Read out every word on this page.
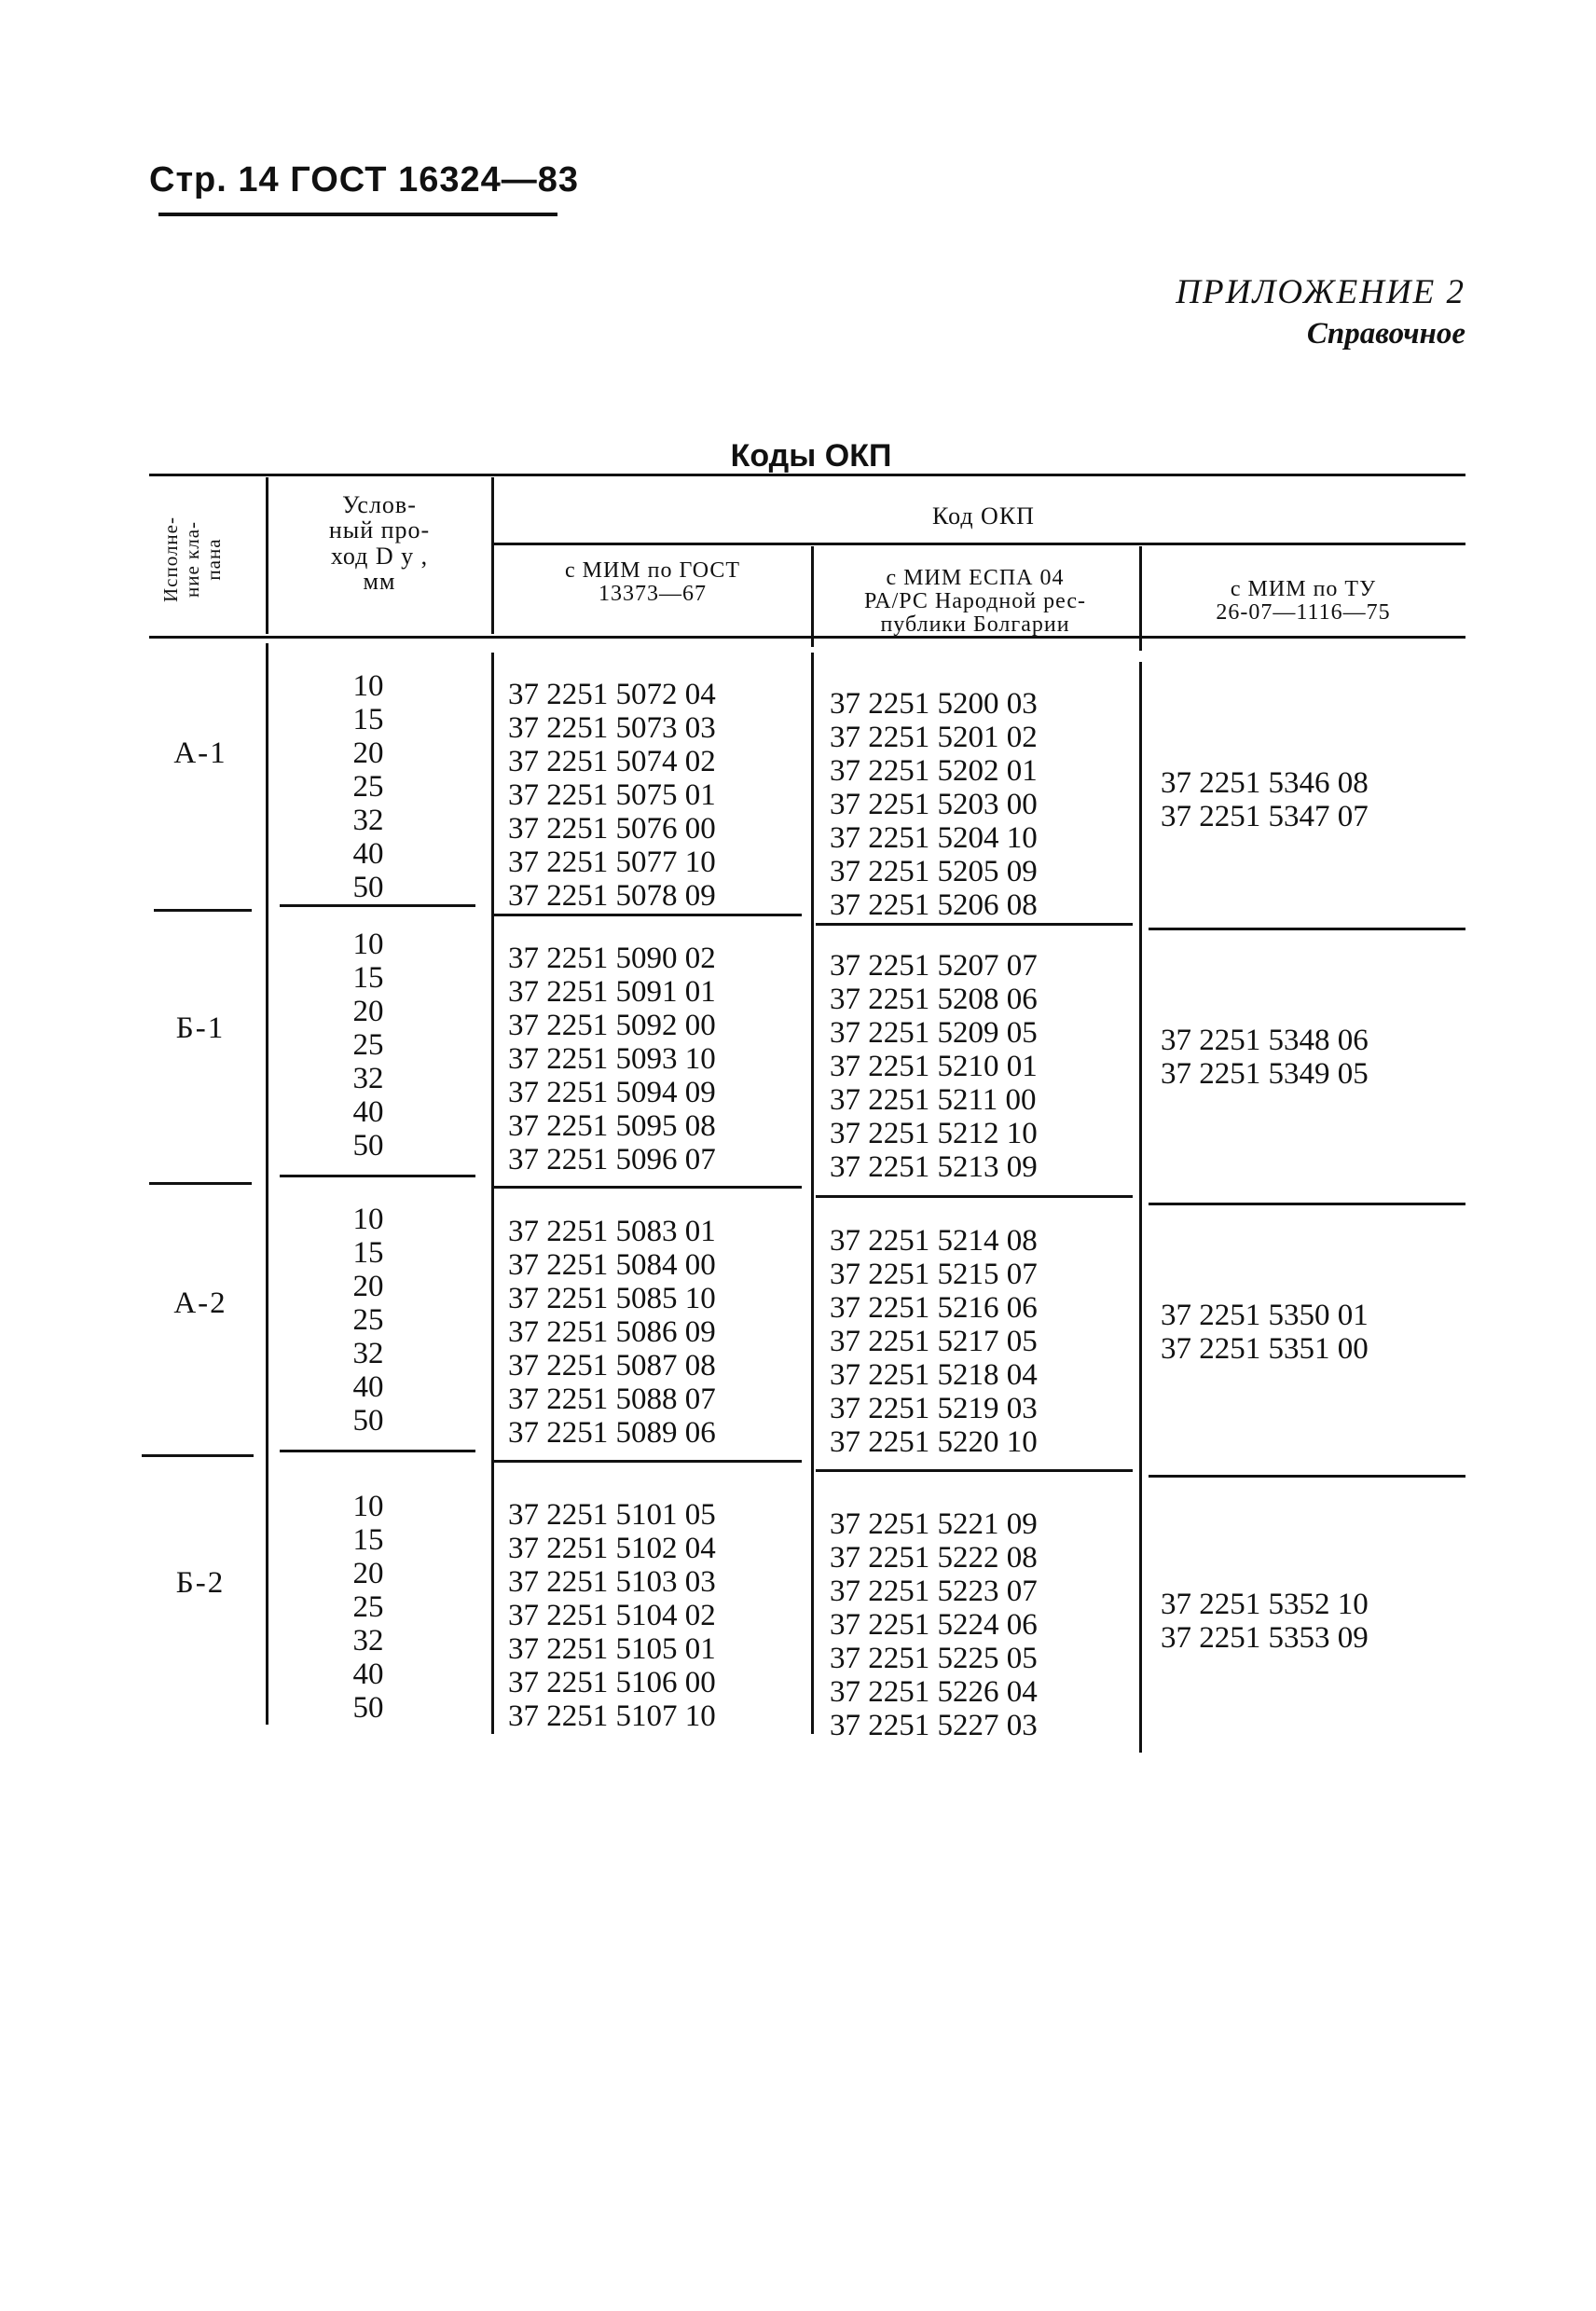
Стр. 14 ГОСТ 16324—83
ПРИЛОЖЕНИЕ 2
Справочное
Коды ОКП
Исполне-
ние кла-
пана
Услов-
ный про-
ход D y ,
мм
Код ОКП
с МИМ по ГОСТ
13373—67
с МИМ ЕСПА 04
РА/РС Народной рес-
публики Болгарии
с МИМ по ТУ
26-07—1116—75
А-1
10
15
20
25
32
40
50
37 2251 5072 04
37 2251 5073 03
37 2251 5074 02
37 2251 5075 01
37 2251 5076 00
37 2251 5077 10
37 2251 5078 09
37 2251 5200 03
37 2251 5201 02
37 2251 5202 01
37 2251 5203 00
37 2251 5204 10
37 2251 5205 09
37 2251 5206 08
37 2251 5346 08
37 2251 5347 07
Б-1
10
15
20
25
32
40
50
37 2251 5090 02
37 2251 5091 01
37 2251 5092 00
37 2251 5093 10
37 2251 5094 09
37 2251 5095 08
37 2251 5096 07
37 2251 5207 07
37 2251 5208 06
37 2251 5209 05
37 2251 5210 01
37 2251 5211 00
37 2251 5212 10
37 2251 5213 09
37 2251 5348 06
37 2251 5349 05
А-2
10
15
20
25
32
40
50
37 2251 5083 01
37 2251 5084 00
37 2251 5085 10
37 2251 5086 09
37 2251 5087 08
37 2251 5088 07
37 2251 5089 06
37 2251 5214 08
37 2251 5215 07
37 2251 5216 06
37 2251 5217 05
37 2251 5218 04
37 2251 5219 03
37 2251 5220 10
37 2251 5350 01
37 2251 5351 00
Б-2
10
15
20
25
32
40
50
37 2251 5101 05
37 2251 5102 04
37 2251 5103 03
37 2251 5104 02
37 2251 5105 01
37 2251 5106 00
37 2251 5107 10
37 2251 5221 09
37 2251 5222 08
37 2251 5223 07
37 2251 5224 06
37 2251 5225 05
37 2251 5226 04
37 2251 5227 03
37 2251 5352 10
37 2251 5353 09
